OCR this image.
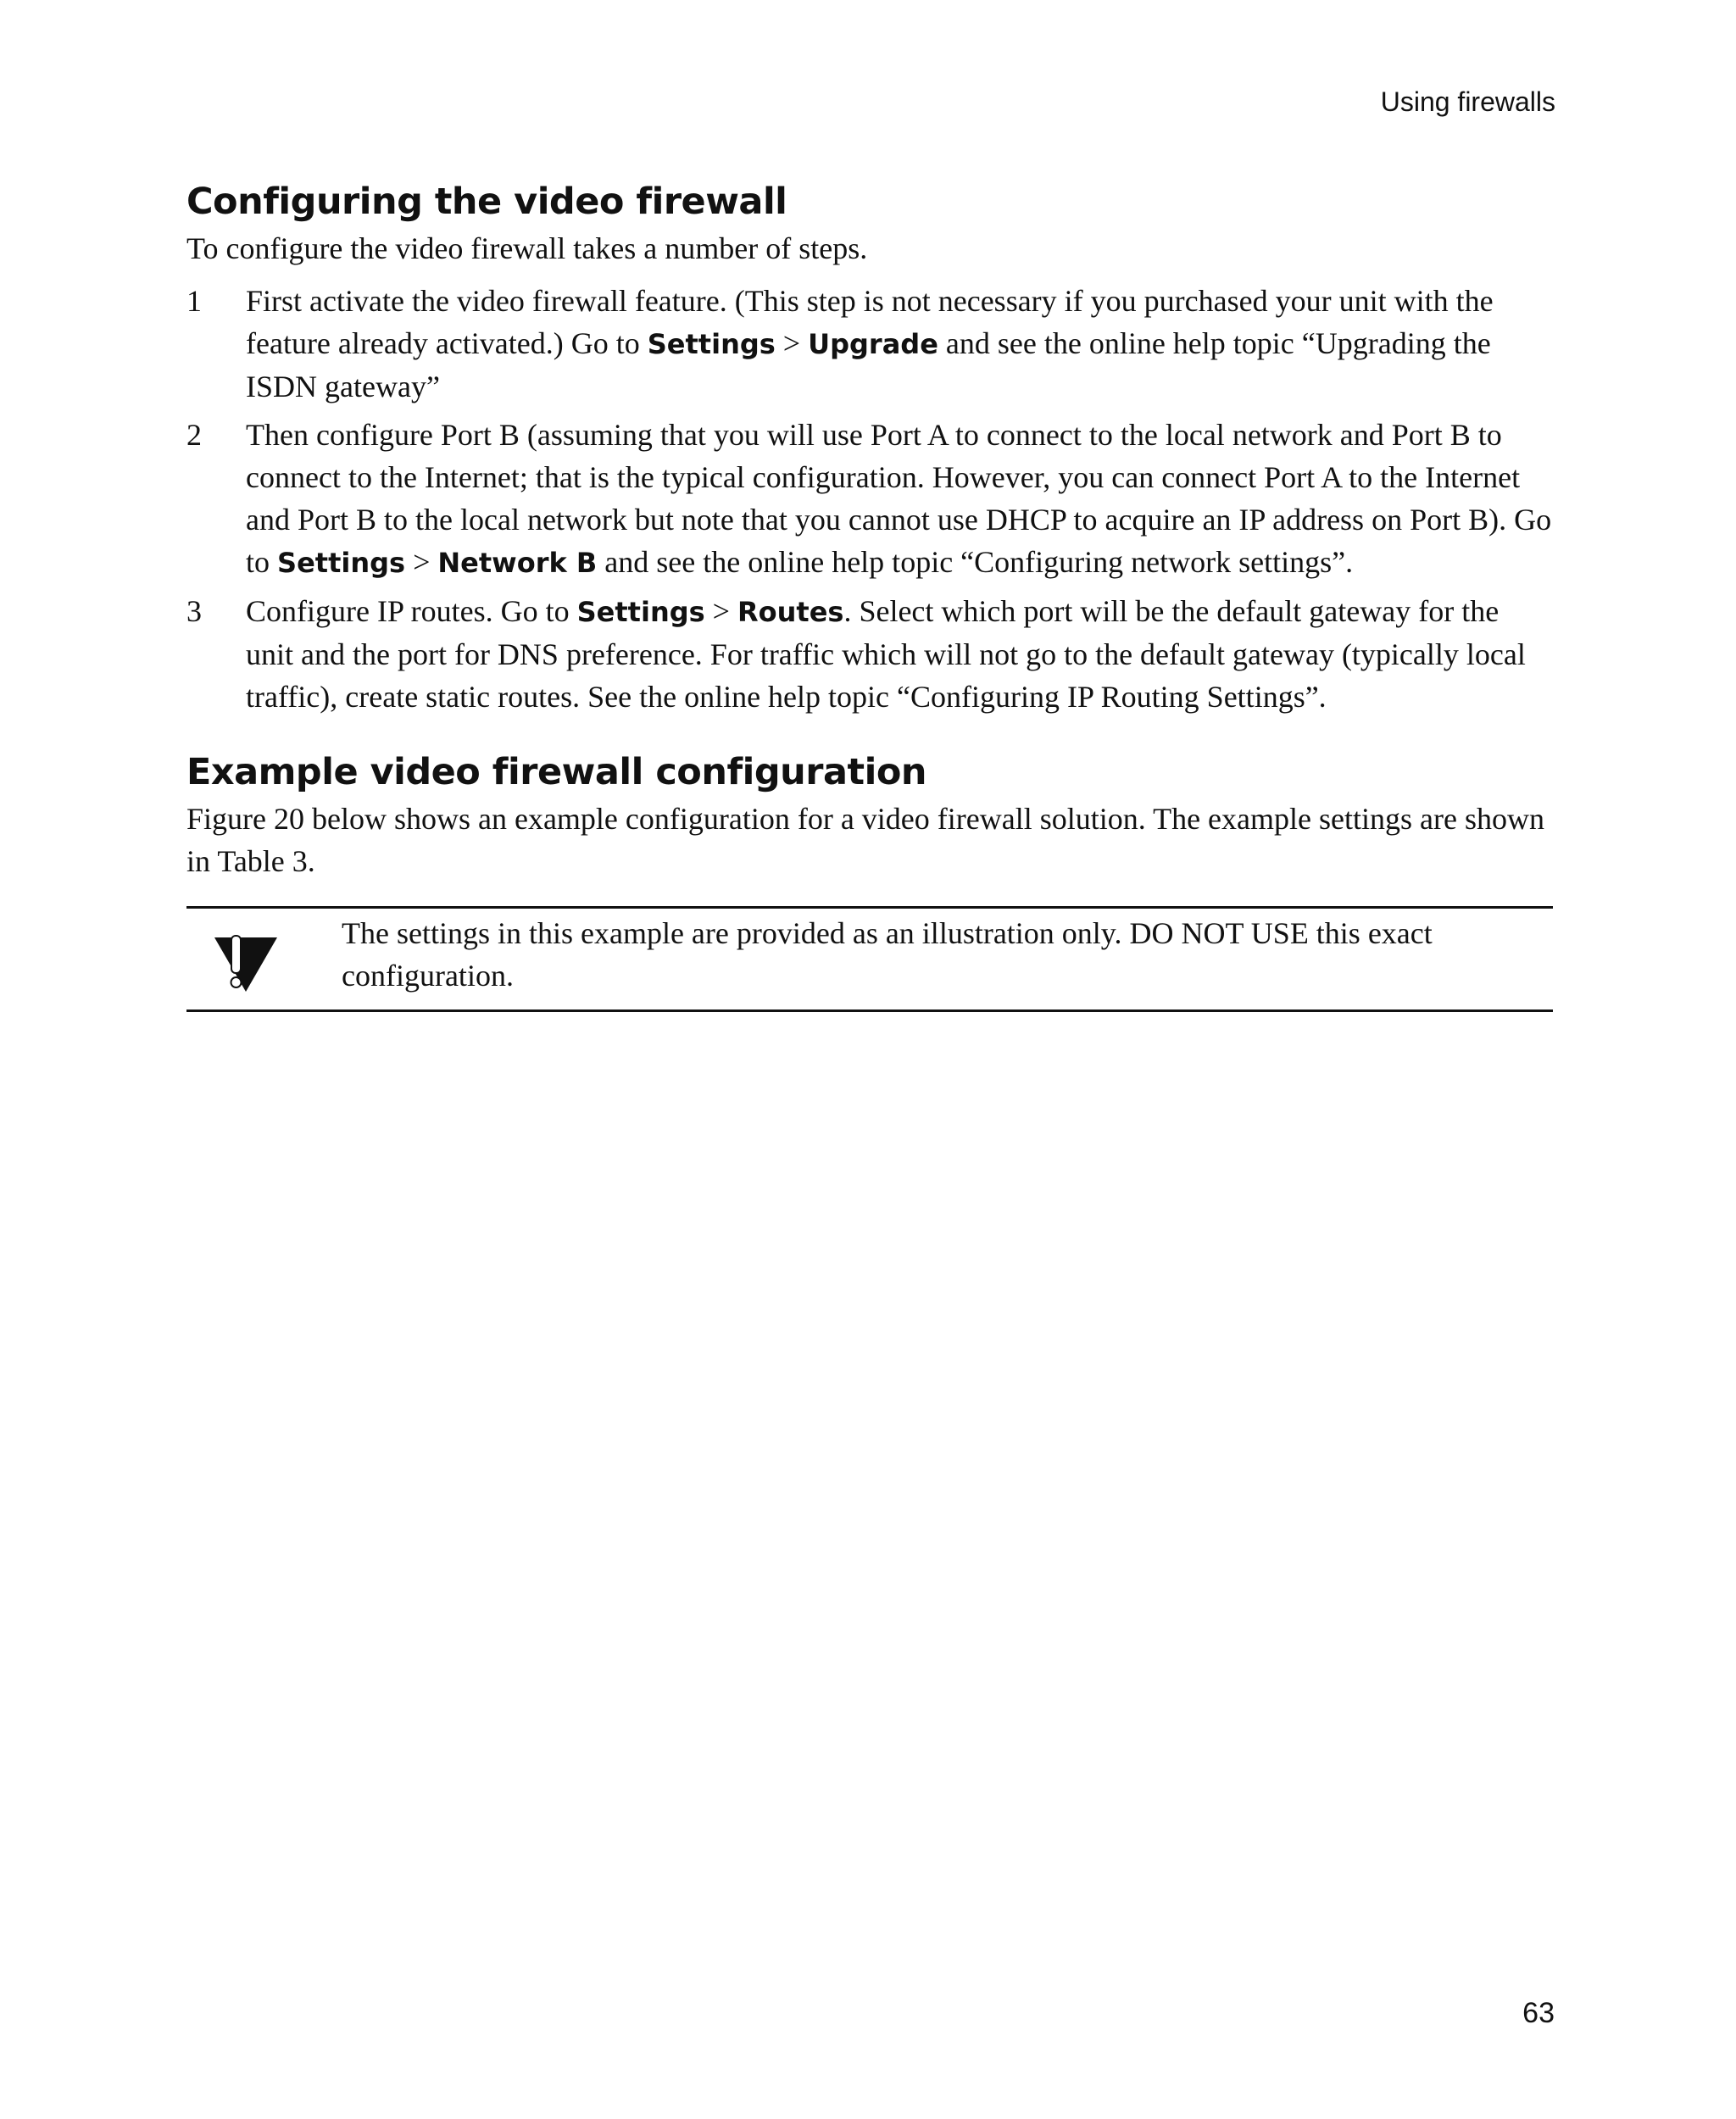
Using firewalls
Configuring the video firewall

To configure the video firewall takes a number of steps.

1	First activate the video firewall feature. (This step is not necessary if you purchased your unit with the feature already activated.) Go to Settings > Upgrade and see the online help topic “Upgrading the ISDN gateway”
2	Then configure Port B (assuming that you will use Port A to connect to the local network and Port B to connect to the Internet; that is the typical configuration. However, you can connect Port A to the Internet and Port B to the local network but note that you cannot use DHCP to acquire an IP address on Port B). Go to Settings > Network B and see the online help topic “Configuring network settings”.
3	Configure IP routes. Go to Settings > Routes. Select which port will be the default gateway for the unit and the port for DNS preference. For traffic which will not go to the default gateway (typically local traffic), create static routes. See the online help topic “Configuring IP Routing Settings”.
Example video firewall configuration

Figure 20 below shows an example configuration for a video firewall solution. The example settings are shown in Table 3.

The settings in this example are provided as an illustration only. DO NOT USE this exact configuration.
63
